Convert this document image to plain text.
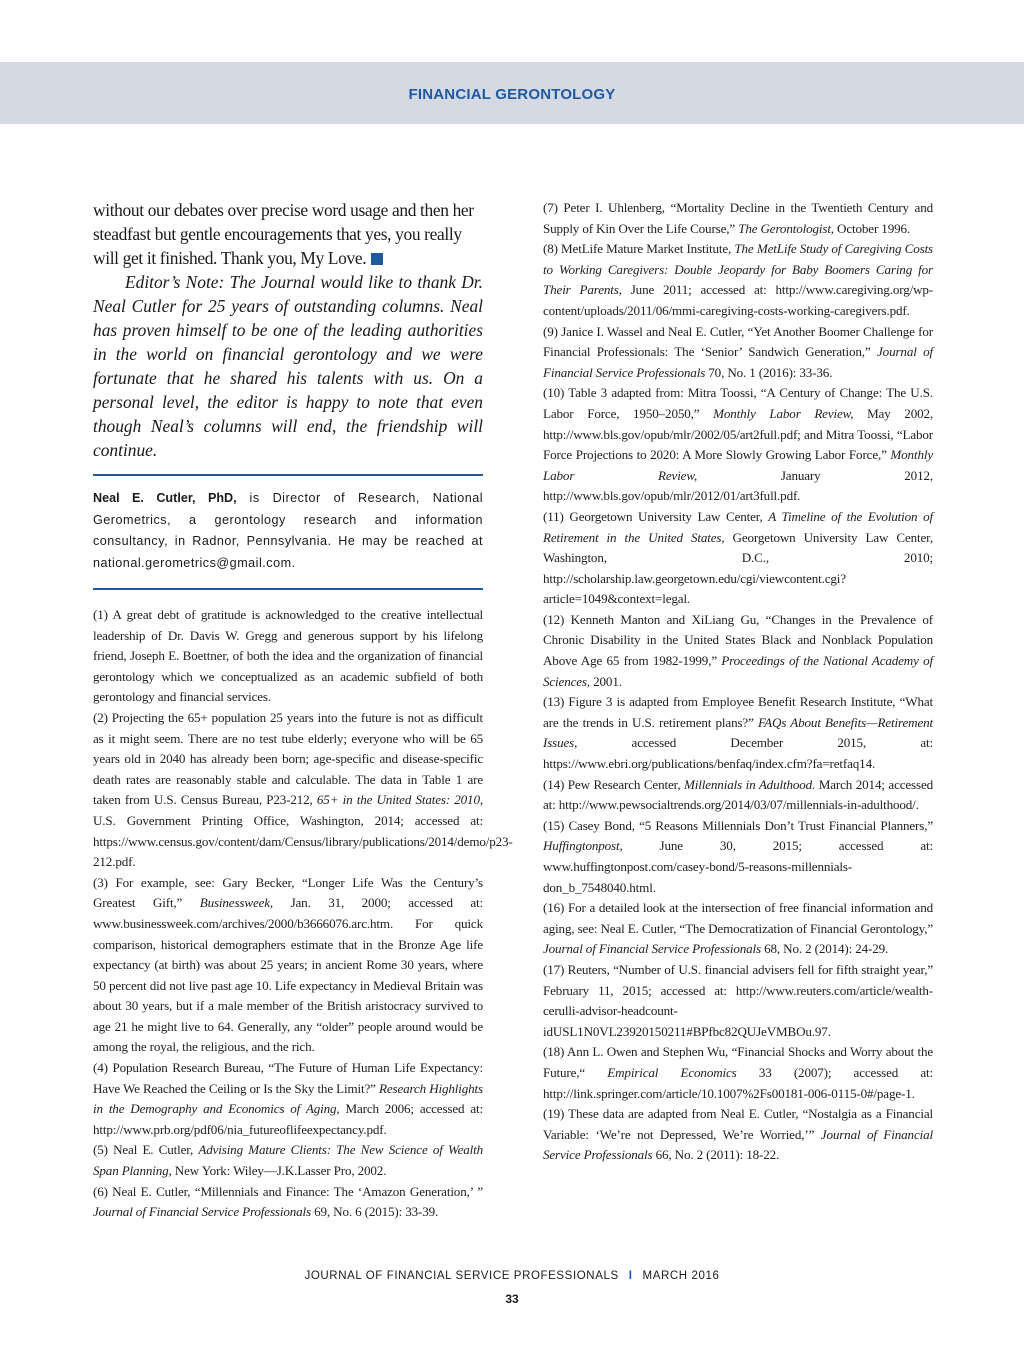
FINANCIAL GERONTOLOGY

without our debates over precise word usage and then her steadfast but gentle encouragements that yes, you really will get it finished. Thank you, My Love.

Editor’s Note: The Journal would like to thank Dr. Neal Cutler for 25 years of outstanding columns. Neal has proven himself to be one of the leading authorities in the world on financial gerontology and we were fortunate that he shared his talents with us. On a personal level, the editor is happy to note that even though Neal’s columns will end, the friendship will continue.

Neal E. Cutler, PhD, is Director of Research, National Gerometrics, a gerontology research and information consultancy, in Radnor, Pennsylvania. He may be reached at national.gerometrics@gmail.com.

(1) A great debt of gratitude is acknowledged to the creative intellectual leadership of Dr. Davis W. Gregg and generous support by his lifelong friend, Joseph E. Boettner, of both the idea and the organization of financial gerontology which we conceptualized as an academic subfield of both gerontology and financial services.

(2) Projecting the 65+ population 25 years into the future is not as difficult as it might seem. There are no test tube elderly; everyone who will be 65 years old in 2040 has already been born; age-specific and disease-specific death rates are reasonably stable and calculable. The data in Table 1 are taken from U.S. Census Bureau, P23-212, 65+ in the United States: 2010, U.S. Government Printing Office, Washington, 2014; accessed at: https://www.census.gov/content/dam/Census/library/publications/2014/demo/p23-212.pdf.

(3) For example, see: Gary Becker, “Longer Life Was the Century’s Greatest Gift,” Businessweek, Jan. 31, 2000; accessed at: www.businessweek.com/archives/2000/b3666076.arc.htm. For quick comparison, historical demographers estimate that in the Bronze Age life expectancy (at birth) was about 25 years; in ancient Rome 30 years, where 50 percent did not live past age 10. Life expectancy in Medieval Britain was about 30 years, but if a male member of the British aristocracy survived to age 21 he might live to 64. Generally, any “older” people around would be among the royal, the religious, and the rich.

(4) Population Research Bureau, “The Future of Human Life Expectancy: Have We Reached the Ceiling or Is the Sky the Limit?” Research Highlights in the Demography and Economics of Aging, March 2006; accessed at: http://www.prb.org/pdf06/nia_futureoflifeexpectancy.pdf.

(5) Neal E. Cutler, Advising Mature Clients: The New Science of Wealth Span Planning, New York: Wiley—J.K.Lasser Pro, 2002.

(6) Neal E. Cutler, “Millennials and Finance: The ‘Amazon Generation,’ ” Journal of Financial Service Professionals 69, No. 6 (2015): 33-39.

(7) Peter I. Uhlenberg, “Mortality Decline in the Twentieth Century and Supply of Kin Over the Life Course,” The Gerontologist, October 1996.

(8) MetLife Mature Market Institute, The MetLife Study of Caregiving Costs to Working Caregivers: Double Jeopardy for Baby Boomers Caring for Their Parents, June 2011; accessed at: http://www.caregiving.org/wp-content/uploads/2011/06/mmi-caregiving-costs-working-caregivers.pdf.

(9) Janice I. Wassel and Neal E. Cutler, “Yet Another Boomer Challenge for Financial Professionals: The ‘Senior’ Sandwich Generation,” Journal of Financial Service Professionals 70, No. 1 (2016): 33-36.

(10) Table 3 adapted from: Mitra Toossi, “A Century of Change: The U.S. Labor Force, 1950–2050,” Monthly Labor Review, May 2002, http://www.bls.gov/opub/mlr/2002/05/art2full.pdf; and Mitra Toossi, “Labor Force Projections to 2020: A More Slowly Growing Labor Force,” Monthly Labor Review, January 2012, http://www.bls.gov/opub/mlr/2012/01/art3full.pdf.

(11) Georgetown University Law Center, A Timeline of the Evolution of Retirement in the United States, Georgetown University Law Center, Washington, D.C., 2010; http://scholarship.law.georgetown.edu/cgi/viewcontent.cgi?article=1049&context=legal.

(12) Kenneth Manton and XiLiang Gu, “Changes in the Prevalence of Chronic Disability in the United States Black and Nonblack Population Above Age 65 from 1982-1999,” Proceedings of the National Academy of Sciences, 2001.

(13) Figure 3 is adapted from Employee Benefit Research Institute, “What are the trends in U.S. retirement plans?” FAQs About Benefits—Retirement Issues, accessed December 2015, at: https://www.ebri.org/publications/benfaq/index.cfm?fa=retfaq14.

(14) Pew Research Center, Millennials in Adulthood. March 2014; accessed at: http://www.pewsocialtrends.org/2014/03/07/millennials-in-adulthood/.

(15) Casey Bond, “5 Reasons Millennials Don’t Trust Financial Planners,” Huffingtonpost, June 30, 2015; accessed at: www.huffingtonpost.com/casey-bond/5-reasons-millennials-don_b_7548040.html.

(16) For a detailed look at the intersection of free financial information and aging, see: Neal E. Cutler, “The Democratization of Financial Gerontology,” Journal of Financial Service Professionals 68, No. 2 (2014): 24-29.

(17) Reuters, “Number of U.S. financial advisers fell for fifth straight year,” February 11, 2015; accessed at: http://www.reuters.com/article/wealth-cerulli-advisor-headcount-idUSL1N0VL23920150211#BPfbc82QUJeVMBOu.97.

(18) Ann L. Owen and Stephen Wu, “Financial Shocks and Worry about the Future,“ Empirical Economics 33 (2007); accessed at: http://link.springer.com/article/10.1007%2Fs00181-006-0115-0#/page-1.

(19) These data are adapted from Neal E. Cutler, “Nostalgia as a Financial Variable: ‘We’re not Depressed, We’re Worried,’” Journal of Financial Service Professionals 66, No. 2 (2011): 18-22.

JOURNAL OF FINANCIAL SERVICE PROFESSIONALS I MARCH 2016
33
